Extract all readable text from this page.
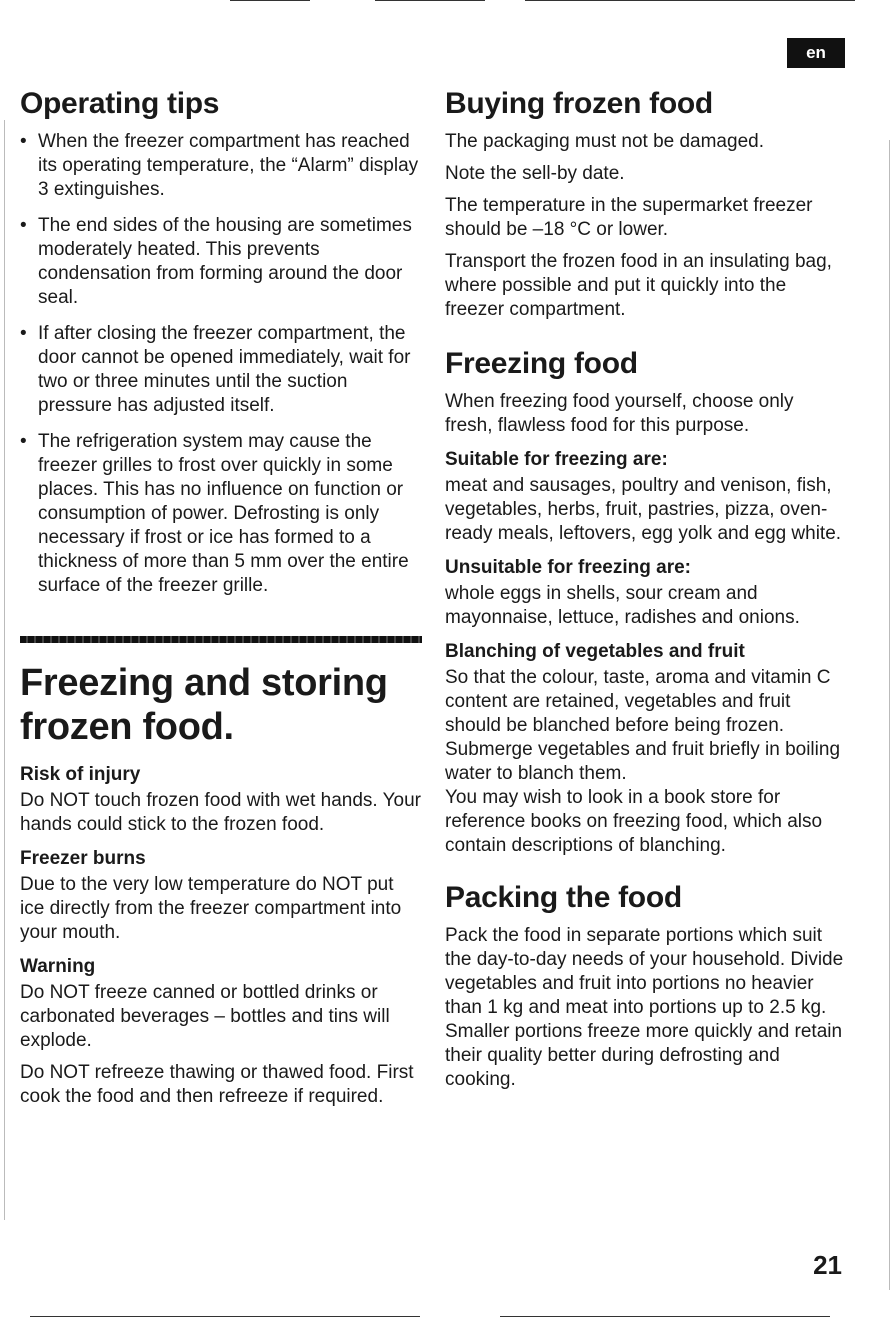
en
Operating tips
• When the freezer compartment has reached its operating temperature, the “Alarm” display 3 extinguishes.
• The end sides of the housing are sometimes moderately heated. This prevents condensation from forming around the door seal.
• If after closing the freezer compartment, the door cannot be opened immediately, wait for two or three minutes until the suction pressure has adjusted itself.
• The refrigeration system may cause the freezer grilles to frost over quickly in some places. This has no influence on function or consumption of power. Defrosting is only necessary if frost or ice has formed to a thickness of more than 5 mm over the entire surface of the freezer grille.
Freezing and storing frozen food.
Risk of injury

Do NOT touch frozen food with wet hands. Your hands could stick to the frozen food.

Freezer burns

Due to the very low temperature do NOT put ice directly from the freezer compartment into your mouth.

Warning

Do NOT freeze canned or bottled drinks or carbonated beverages – bottles and tins will explode.

Do NOT refreeze thawing or thawed food. First cook the food and then refreeze if required.

Buying frozen food

The packaging must not be damaged.

Note the sell-by date.

The temperature in the supermarket freezer should be –18 °C or lower.

Transport the frozen food in an insulating bag, where possible and put it quickly into the freezer compartment.

Freezing food

When freezing food yourself, choose only fresh, flawless food for this purpose.

Suitable for freezing are:

meat and sausages, poultry and venison, fish, vegetables, herbs, fruit, pastries, pizza, oven-ready meals, leftovers, egg yolk and egg white.

Unsuitable for freezing are:

whole eggs in shells, sour cream and mayonnaise, lettuce, radishes and onions.

Blanching of vegetables and fruit

So that the colour, taste, aroma and vitamin C content are retained, vegetables and fruit should be blanched before being frozen.

Submerge vegetables and fruit briefly in boiling water to blanch them.

You may wish to look in a book store for reference books on freezing food, which also contain descriptions of blanching.

Packing the food

Pack the food in separate portions which suit the day-to-day needs of your household. Divide vegetables and fruit into portions no heavier than 1 kg and meat into portions up to 2.5 kg. Smaller portions freeze more quickly and retain their quality better during defrosting and cooking.

21
